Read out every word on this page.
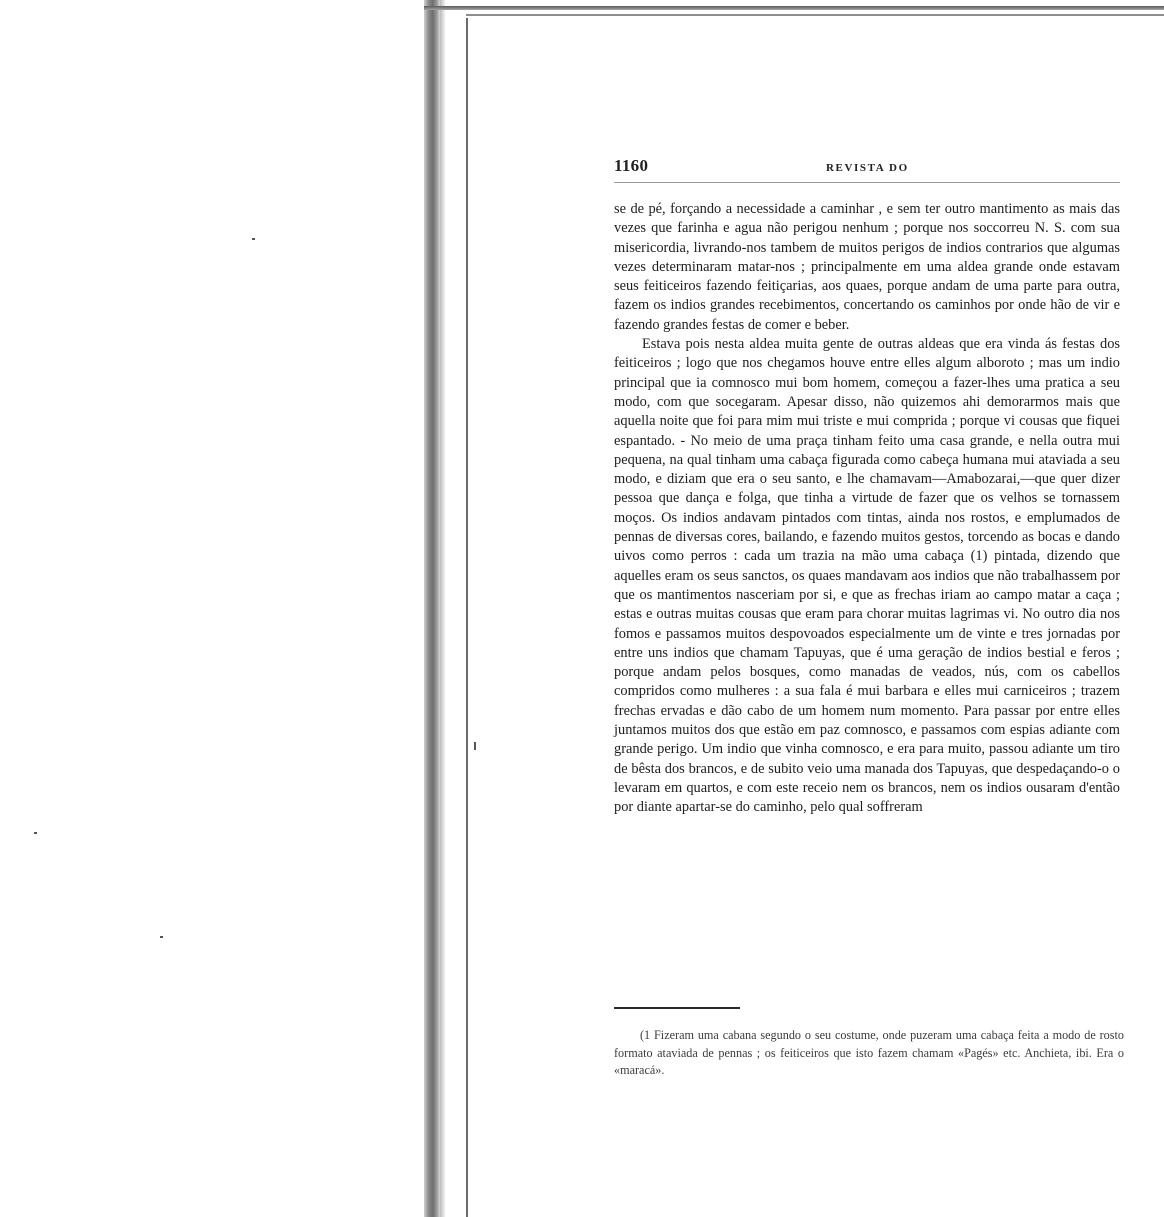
1160	REVISTA DO

se de pé, forçando a necessidade a caminhar , e sem ter outro mantimento as mais das vezes que farinha e agua não perigou nenhum ; porque nos soccorreu N. S. com sua misericordia, livrando-nos tambem de muitos perigos de indios contrarios que algumas vezes determinaram matar-nos ; principalmente em uma aldea grande onde estavam seus feiticeiros fazendo feitiçarias, aos quaes, porque andam de uma parte para outra, fazem os indios grandes recebimentos, concertando os caminhos por onde hão de vir e fazendo grandes festas de comer e beber.

Estava pois nesta aldea muita gente de outras aldeas que era vinda ás festas dos feiticeiros ; logo que nos chegamos houve entre elles algum alboroto ; mas um indio principal que ia comnosco mui bom homem, começou a fazer-lhes uma pratica a seu modo, com que socegaram. Apesar disso, não quizemos ahi demorarmos mais que aquella noite que foi para mim mui triste e mui comprida ; porque vi cousas que fiquei espantado. - No meio de uma praça tinham feito uma casa grande, e nella outra mui pequena, na qual tinham uma cabaça figurada como cabeça humana mui ataviada a seu modo, e diziam que era o seu santo, e lhe chamavam—Amabozarai,—que quer dizer pessoa que dança e folga, que tinha a virtude de fazer que os velhos se tornassem moços. Os indios andavam pintados com tintas, ainda nos rostos, e emplumados de pennas de diversas cores, bailando, e fazendo muitos gestos, torcendo as bocas e dando uivos como perros : cada um trazia na mão uma cabaça (1) pintada, dizendo que aquelles eram os seus sanctos, os quaes mandavam aos indios que não trabalhassem por que os mantimentos nasceriam por si, e que as frechas iriam ao campo matar a caça ; estas e outras muitas cousas que eram para chorar muitas lagrimas vi. No outro dia nos fomos e passamos muitos despovoados especialmente um de vinte e tres jornadas por entre uns indios que chamam Tapuyas, que é uma geração de indios bestial e feros ; porque andam pelos bosques, como manadas de veados, nús, com os cabellos compridos como mulheres : a sua fala é mui barbara e elles mui carniceiros ; trazem frechas ervadas e dão cabo de um homem num momento. Para passar por entre elles juntamos muitos dos que estão em paz comnosco, e passamos com espias adiante com grande perigo. Um indio que vinha comnosco, e era para muito, passou adiante um tiro de bêsta dos brancos, e de subito veio uma manada dos Tapuyas, que despedaçando-o o levaram em quartos, e com este receio nem os brancos, nem os indios ousaram d'então por diante apartar-se do caminho, pelo qual soffreram

(1 Fizeram uma cabana segundo o seu costume, onde puzeram uma cabaça feita a modo de rosto formato ataviada de pennas ; os feiticeiros que isto fazem chamam «Pagés» etc. Anchieta, ibi. Era o «maracá».
